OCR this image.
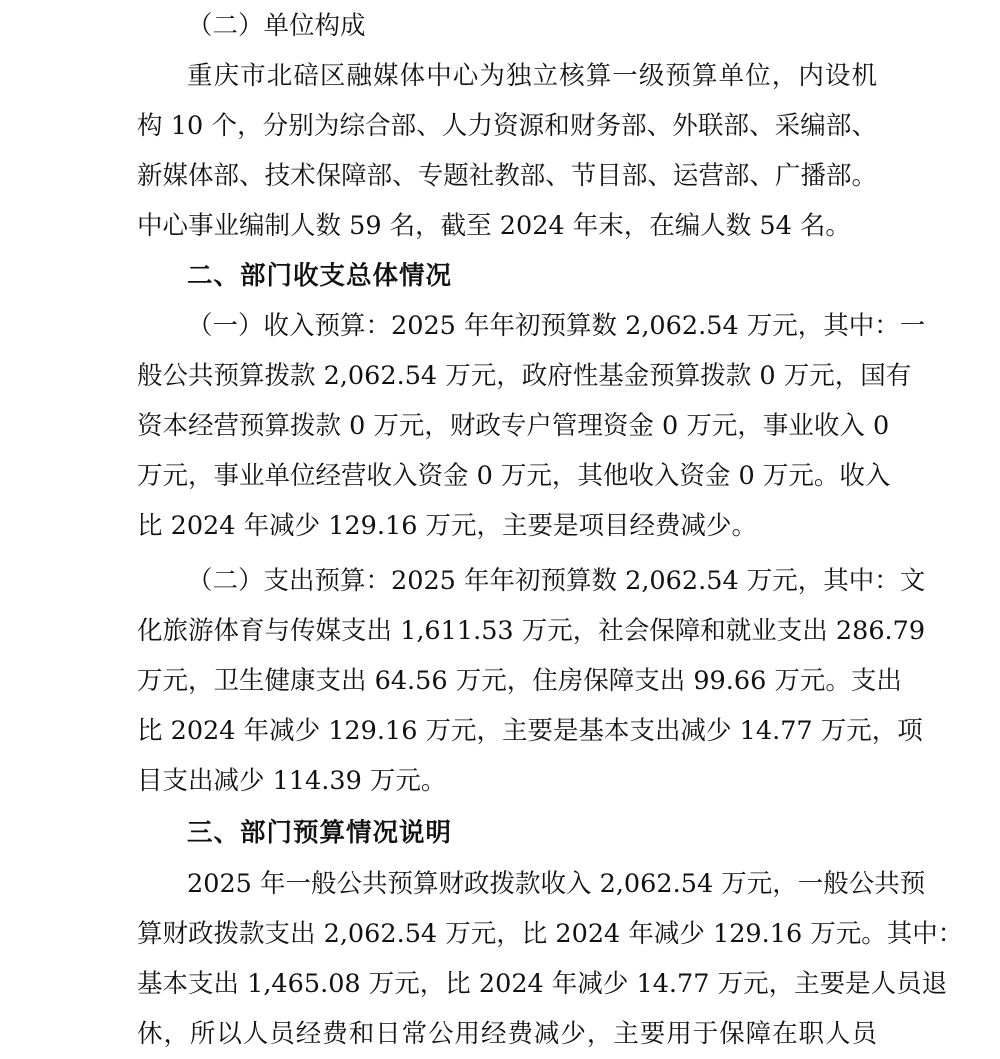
（二）单位构成
重庆市北碚区融媒体中心为独立核算一级预算单位，内设机
构 10 个，分别为综合部、人力资源和财务部、外联部、采编部、
新媒体部、技术保障部、专题社教部、节目部、运营部、广播部。
中心事业编制人数 59 名，截至 2024 年末，在编人数 54 名。
二、部门收支总体情况
（一）收入预算：2025 年年初预算数 2,062.54 万元，其中：一
般公共预算拨款 2,062.54 万元，政府性基金预算拨款 0 万元，国有
资本经营预算拨款 0 万元，财政专户管理资金 0 万元，事业收入 0
万元，事业单位经营收入资金 0 万元，其他收入资金 0 万元。收入
比 2024 年减少 129.16 万元，主要是项目经费减少。
（二）支出预算：2025 年年初预算数 2,062.54 万元，其中：文
化旅游体育与传媒支出 1,611.53 万元，社会保障和就业支出 286.79
万元，卫生健康支出 64.56 万元，住房保障支出 99.66 万元。支出
比 2024 年减少 129.16 万元，主要是基本支出减少 14.77 万元，项
目支出减少 114.39 万元。
三、部门预算情况说明
2025 年一般公共预算财政拨款收入 2,062.54 万元，一般公共预
算财政拨款支出 2,062.54 万元，比 2024 年减少 129.16 万元。其中：
基本支出 1,465.08 万元，比 2024 年减少 14.77 万元，主要是人员退
休，所以人员经费和日常公用经费减少，主要用于保障在职人员
